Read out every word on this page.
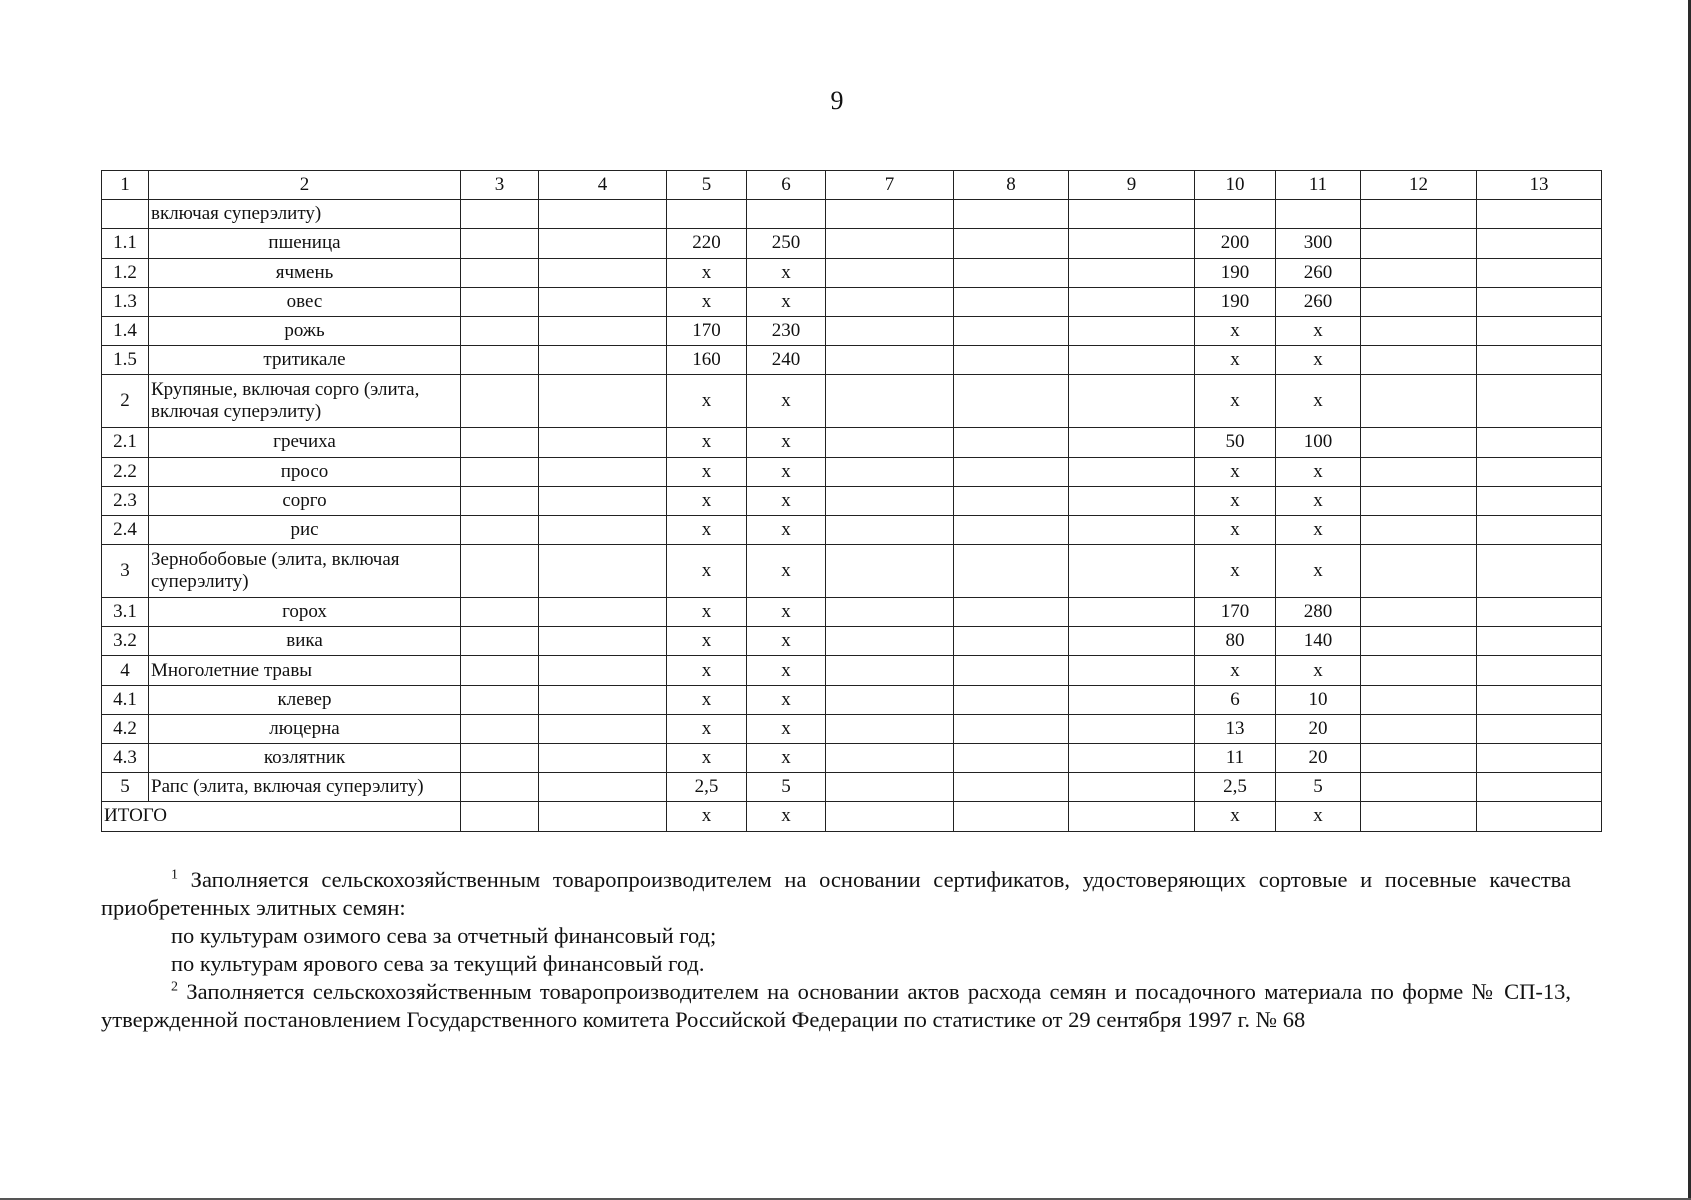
9
1	2	3	4	5	6	7	8	9	10	11	12	13
	включая суперэлиту)											
1.1	пшеница			220	250				200	300		
1.2	ячмень			x	x				190	260		
1.3	овес			x	x				190	260		
1.4	рожь			170	230				x	x		
1.5	тритикале			160	240				x	x		
2	Крупяные, включая сорго (элита, включая суперэлиту)			x	x				x	x		
2.1	гречиха			x	x				50	100		
2.2	просо			x	x				x	x		
2.3	сорго			x	x				x	x		
2.4	рис			x	x				x	x		
3	Зернобобовые (элита, включая суперэлиту)			x	x				x	x		
3.1	горох			x	x				170	280		
3.2	вика			x	x				80	140		
4	Многолетние травы			x	x				x	x		
4.1	клевер			x	x				6	10		
4.2	люцерна			x	x				13	20		
4.3	козлятник			x	x				11	20		
5	Рапс (элита, включая суперэлиту)			2,5	5				2,5	5		
ИТОГО				x	x				x	x		

$^1$ Заполняется сельскохозяйственным товаропроизводителем на основании сертификатов, удостоверяющих сортовые и посевные качества приобретенных элитных семян:

по культурам озимого сева за отчетный финансовый год;

по культурам ярового сева за текущий финансовый год.

$^2$ Заполняется сельскохозяйственным товаропроизводителем на основании актов расхода семян и посадочного материала по форме № СП-13, утвержденной постановлением Государственного комитета Российской Федерации по статистике от 29 сентября 1997 г. № 68
